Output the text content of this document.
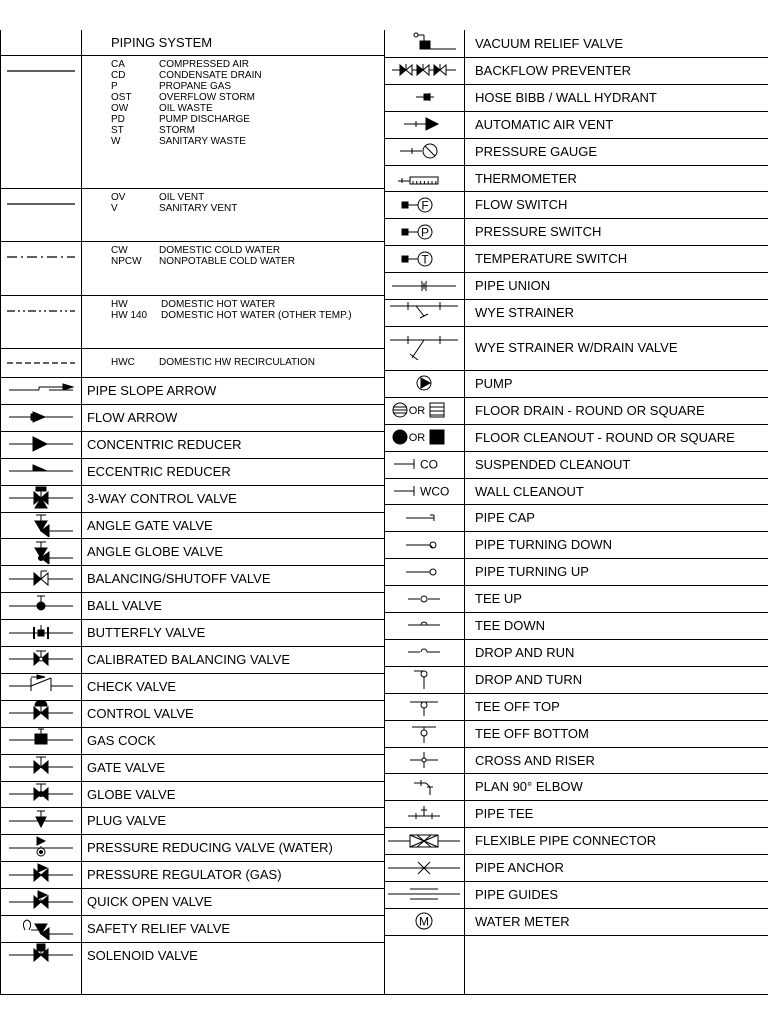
PIPING SYSTEM
CA	COMPRESSED AIR
CD	CONDENSATE DRAIN
P	PROPANE GAS
OST	OVERFLOW STORM
OW	OIL WASTE
PD	PUMP DISCHARGE
ST	STORM
W	SANITARY WASTE
OV	OIL VENT
V	SANITARY VENT
CW	DOMESTIC COLD WATER
NPCW	NONPOTABLE COLD WATER
HW	DOMESTIC HOT WATER
HW 140	DOMESTIC HOT WATER (OTHER TEMP.)
HWC	DOMESTIC HW RECIRCULATION
PIPE SLOPE ARROW
FLOW ARROW
CONCENTRIC REDUCER
ECCENTRIC REDUCER
3-WAY CONTROL VALVE
ANGLE GATE VALVE
ANGLE GLOBE VALVE
BALANCING/SHUTOFF VALVE
BALL VALVE
BUTTERFLY VALVE
CALIBRATED BALANCING VALVE
CHECK VALVE
CONTROL VALVE
GAS COCK
GATE VALVE
GLOBE VALVE
PLUG VALVE
PRESSURE REDUCING VALVE (WATER)
PRESSURE REGULATOR (GAS)
QUICK OPEN VALVE
SAFETY RELIEF VALVE
SOLENOID VALVE
VACUUM RELIEF VALVE
BACKFLOW PREVENTER
HOSE BIBB / WALL HYDRANT
AUTOMATIC AIR VENT
PRESSURE GAUGE
THERMOMETER
F	FLOW SWITCH
P	PRESSURE SWITCH
T	TEMPERATURE SWITCH
PIPE UNION
WYE STRAINER
WYE STRAINER W/DRAIN VALVE
PUMP
OR	FLOOR DRAIN - ROUND OR SQUARE
OR	FLOOR CLEANOUT - ROUND OR SQUARE
CO	SUSPENDED CLEANOUT
WCO	WALL CLEANOUT
PIPE CAP
PIPE TURNING DOWN
PIPE TURNING UP
TEE UP
TEE DOWN
DROP AND RUN
DROP AND TURN
TEE OFF TOP
TEE OFF BOTTOM
CROSS AND RISER
PLAN 90° ELBOW
PIPE TEE
FLEXIBLE PIPE CONNECTOR
PIPE ANCHOR
PIPE GUIDES
M	WATER METER
